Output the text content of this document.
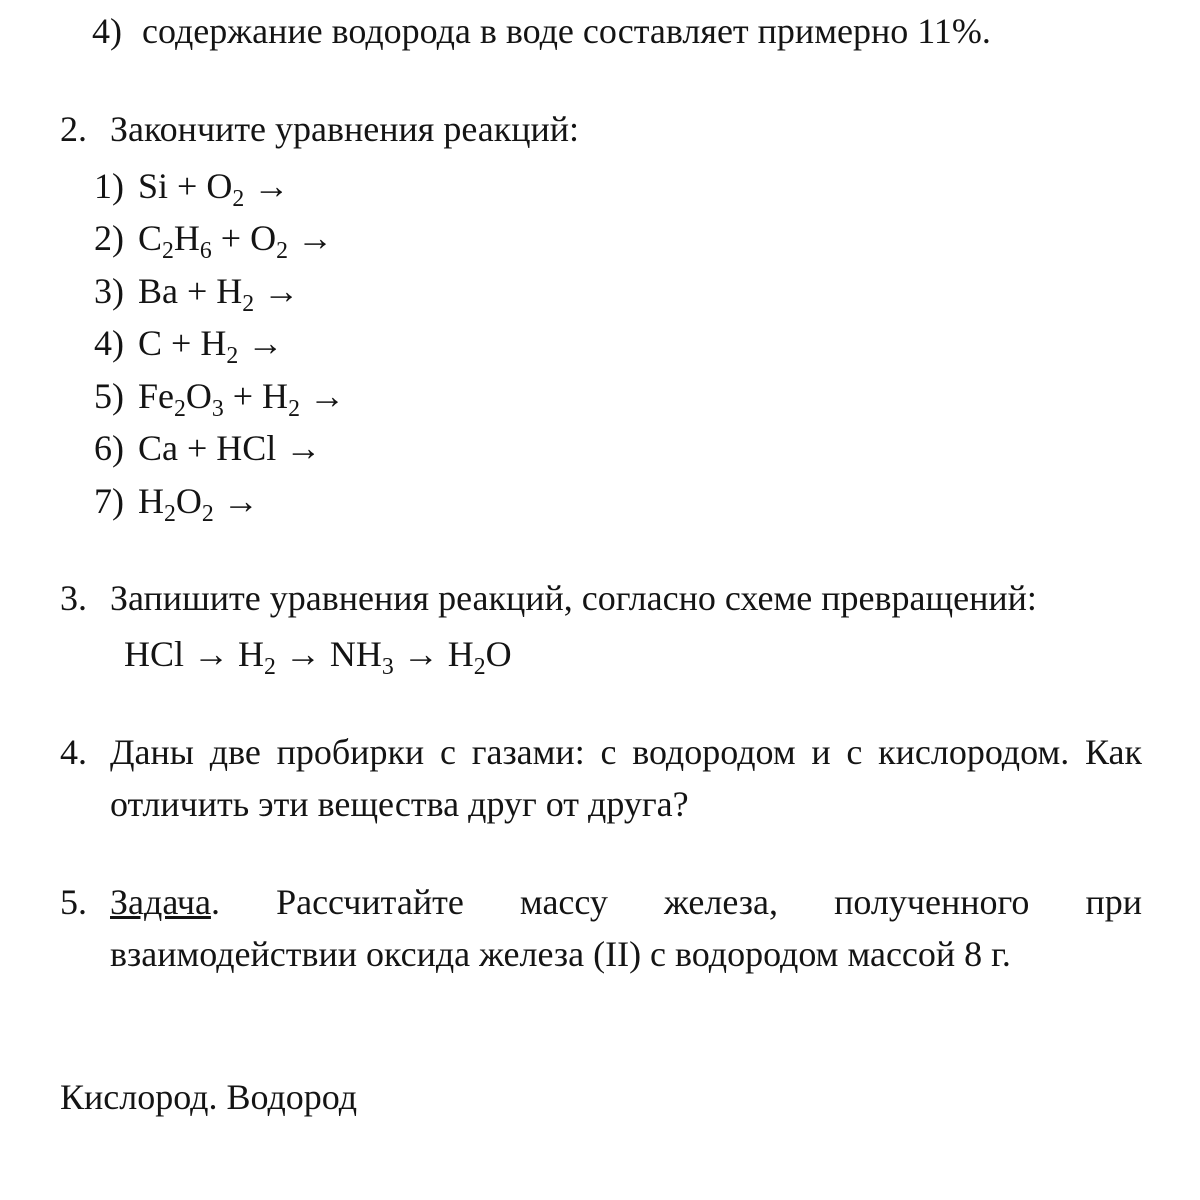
4) содержание водорода в воде составляет примерно 11%.
2. Закончите уравнения реакций:
1) $Si + O_2$ →
2) $C_2H_6 + O_2$ →
3) $Ba + H_2$ →
4) $C + H_2$ →
5) $Fe_2O_3 + H_2$ →
6) Ca + HCl →
7) $H_2O_2$ →
3. Запишите уравнения реакций, согласно схеме превращений:
HCl → $H_2 \to NH_3 \to H_2O$
4. Даны две пробирки с газами: с водородом и с кислородом. Как отличить эти вещества друг от друга?
5. Задача. Рассчитайте массу железа, полученного при взаимодействии оксида железа (II) с водородом массой 8 г.
Кислород. Водород
